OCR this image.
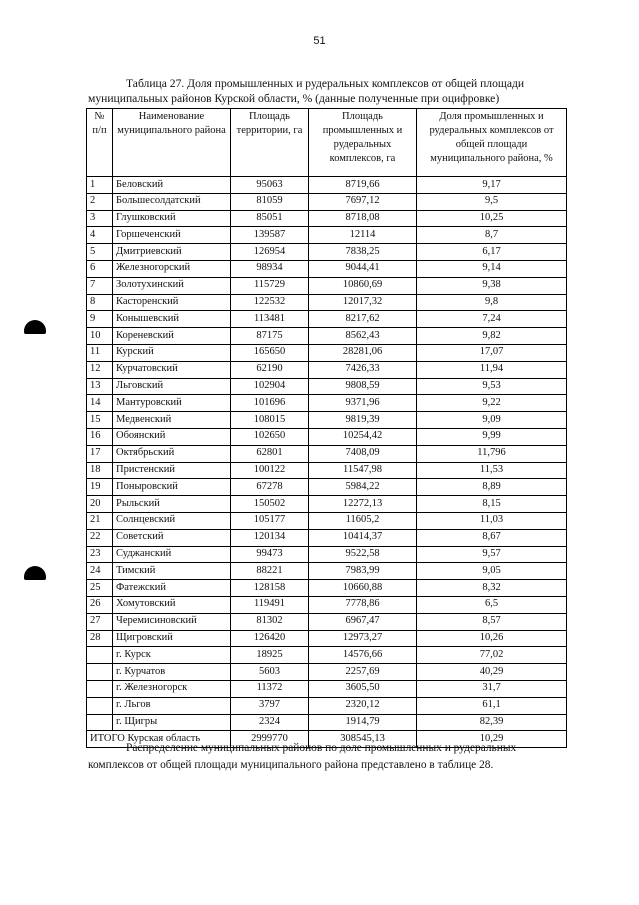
51
Таблица 27. Доля промышленных и рудеральных комплексов от общей площади
муниципальных районов Курской области, % (данные полученные при оцифровке)
№ п/п	Наименование муниципального района	Площадь территории, га	Площадь промышленных и рудеральных комплексов, га	Доля промышленных и рудеральных комплексов от общей площади муниципального района, %
1	Беловский	95063	8719,66	9,17
2	Большесолдатский	81059	7697,12	9,5
3	Глушковский	85051	8718,08	10,25
4	Горшеченский	139587	12114	8,7
5	Дмитриевский	126954	7838,25	6,17
6	Железногорский	98934	9044,41	9,14
7	Золотухинский	115729	10860,69	9,38
8	Касторенский	122532	12017,32	9,8
9	Конышевский	113481	8217,62	7,24
10	Кореневский	87175	8562,43	9,82
11	Курский	165650	28281,06	17,07
12	Курчатовский	62190	7426,33	11,94
13	Льговский	102904	9808,59	9,53
14	Мантуровский	101696	9371,96	9,22
15	Медвенский	108015	9819,39	9,09
16	Обоянский	102650	10254,42	9,99
17	Октябрьский	62801	7408,09	11,796
18	Пристенский	100122	11547,98	11,53
19	Поныровский	67278	5984,22	8,89
20	Рыльский	150502	12272,13	8,15
21	Солнцевский	105177	11605,2	11,03
22	Советский	120134	10414,37	8,67
23	Суджанский	99473	9522,58	9,57
24	Тимский	88221	7983,99	9,05
25	Фатежский	128158	10660,88	8,32
26	Хомутовский	119491	7778,86	6,5
27	Черемисиновский	81302	6967,47	8,57
28	Щигровский	126420	12973,27	10,26
	г. Курск	18925	14576,66	77,02
	г. Курчатов	5603	2257,69	40,29
	г. Железногорск	11372	3605,50	31,7
	г. Льгов	3797	2320,12	61,1
	г. Щигры	2324	1914,79	82,39
ИТОГО Курская область		2999770	308545,13	10,29
Распределение муниципальных районов по доле промышленных и рудеральных
комплексов от общей площади муниципального района представлено в таблице 28.
